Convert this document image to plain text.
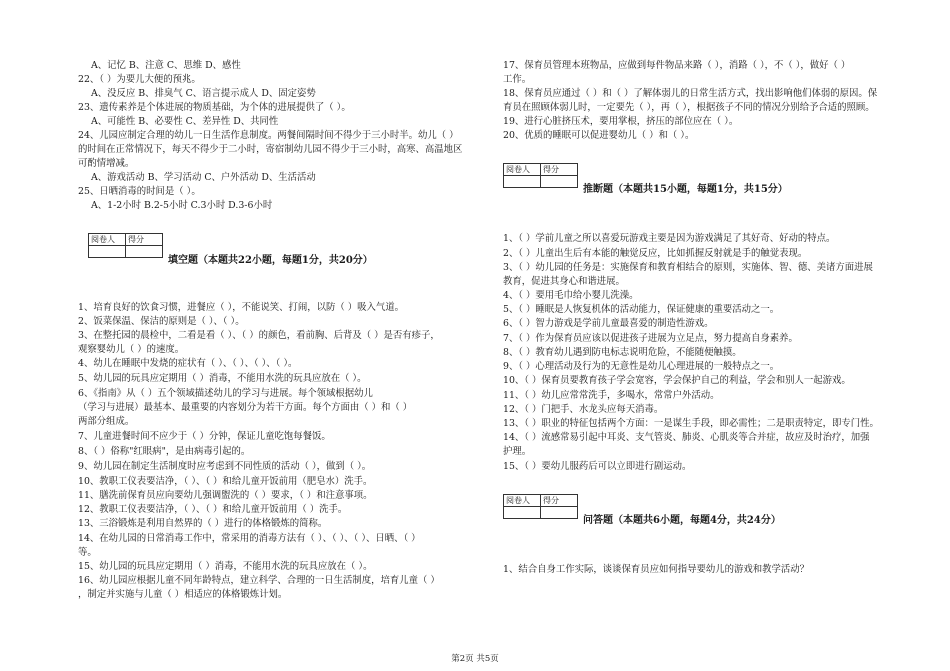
A、记忆 B、注意 C、思维 D、感性
22、（ ）为要儿大便的预兆。
A、没反应 B、排臭气 C、语言提示成人 D、固定姿势
23、遗传素养是个体进展的物质基础，为个体的进展提供了（ ）。
A、可能性 B、必要性 C、差异性 D、共同性
24、儿园应制定合理的幼儿一日生活作息制度。两餐间隔时间不得少于三小时半。幼儿（ ）
的时间在正常情况下，每天不得少于二小时，寄宿制幼儿园不得少于三小时，高寒、高温地区
可酌情增减。
A、游戏活动 B、学习活动 C、户外活动 D、生活活动
25、日晒消毒的时间是（ ）。
A、1-2小时 B.2-5小时 C.3小时 D.3-6小时
阅卷人	得分

填空题（本题共22小题，每题1分，共20分）
1、培育良好的饮食习惯，进餐应（ ），不能说笑、打闹，以防（ ）吸入气道。
2、饭菜保温、保洁的原则是（ ）、（ ）。
3、在整托园的晨检中，二看是看（ ）、（ ）的颜色，看前胸、后背及（ ）是否有疹子，
观察婴幼儿（ ）的速度。
4、幼儿在睡眠中发烧的症状有（ ）、（ ）、（ ）、（ ）。
5、幼儿园的玩具应定期用（ ）消毒，不能用水洗的玩具应放在（ ）。
6、《指南》从（ ）五个领域描述幼儿的学习与进展。每个领域根据幼儿
（学习与进展）最基本、最重要的内容划分为若干方面。每个方面由（ ）和（ ）
两部分组成。
7、儿童进餐时间不应少于（ ）分钟，保证儿童吃饱每餐饭。
8、（ ）俗称"红眼病"，是由病毒引起的。
9、幼儿园在制定生活制度时应考虑到不同性质的活动（ ），做到（ ）。
10、教职工仪表要洁净，（ ）、（ ）和给儿童开饭前用（肥皂水）洗手。
11、膳洗前保育员应向要幼儿强调盥洗的（ ）要求，（ ）和注意事项。
12、教职工仪表要洁净，（ ）、（ ）和给儿童开饭前用（ ）洗手。
13、三浴锻炼是利用自然界的（ ）进行的体格锻炼的简称。
14、在幼儿园的日常消毒工作中，常采用的消毒方法有（ ）、（ ）、（ ）、日晒、（ ）
等。
15、幼儿园的玩具应定期用（ ）消毒，不能用水洗的玩具应放在（ ）。
16、幼儿园应根据儿童不同年龄特点，建立科学、合理的一日生活制度，培育儿童（ ）
，制定并实施与儿童（ ）相适应的体格锻炼计划。
17、保育员管理本班物品，应做到每件物品来路（ ），消路（ ），不（ ），做好（ ）
工作。
18、保育员应通过（ ）和（ ）了解体弱儿的日常生活方式，找出影响他们体弱的原因。保
育员在照顾体弱儿时，一定要先（ ），再（ ），根据孩子不同的情况分别给予合适的照顾。
19、进行心脏挤压术，要用掌根，挤压的部位应在（ ）。
20、优质的睡眠可以促进婴幼儿（ ）和（ ）。
阅卷人	得分

推断题（本题共15小题，每题1分，共15分）
1、（ ）学前儿童之所以喜爱玩游戏主要是因为游戏满足了其好奇、好动的特点。
2、（ ）儿童出生后有本能的触觉反应，比如抓握反射就是手的触觉表现。
3、（ ）幼儿园的任务是：实施保育和教育相结合的原则，实施体、智、德、美诸方面进展
教育，促进其身心和谐进展。
4、（ ）要用毛巾给小婴儿洗澡。
5、（ ）睡眠是人恢复机体的活动能力，保证健康的重要活动之一。
6、（ ）智力游戏是学前儿童最喜爱的制造性游戏。
7、（ ）作为保育员应该以促进孩子进展为立足点，努力提高自身素养。
8、（ ）教育幼儿遇到防电标志说明危险，不能随便触摸。
9、（ ）心理活动及行为的无意性是幼儿心理进展的一般特点之一。
10、（ ）保育员要教育孩子学会宽容，学会保护自己的利益，学会和别人一起游戏。
11、（ ）幼儿应常常洗手，多喝水，常常户外活动。
12、（ ）门把手、水龙头应每天消毒。
13、（ ）职业的特征包括两个方面：一是谋生手段，即必需性；二是职责特定，即专门性。
14、（ ）流感常易引起中耳炎、支气管炎、肺炎、心肌炎等合并症，故应及时治疗，加强
护理。
15、（ ）要幼儿服药后可以立即进行剧运动。
阅卷人	得分

问答题（本题共6小题，每题4分，共24分）
1、结合自身工作实际，谈谈保育员应如何指导要幼儿的游戏和教学活动？
第2页 共5页
